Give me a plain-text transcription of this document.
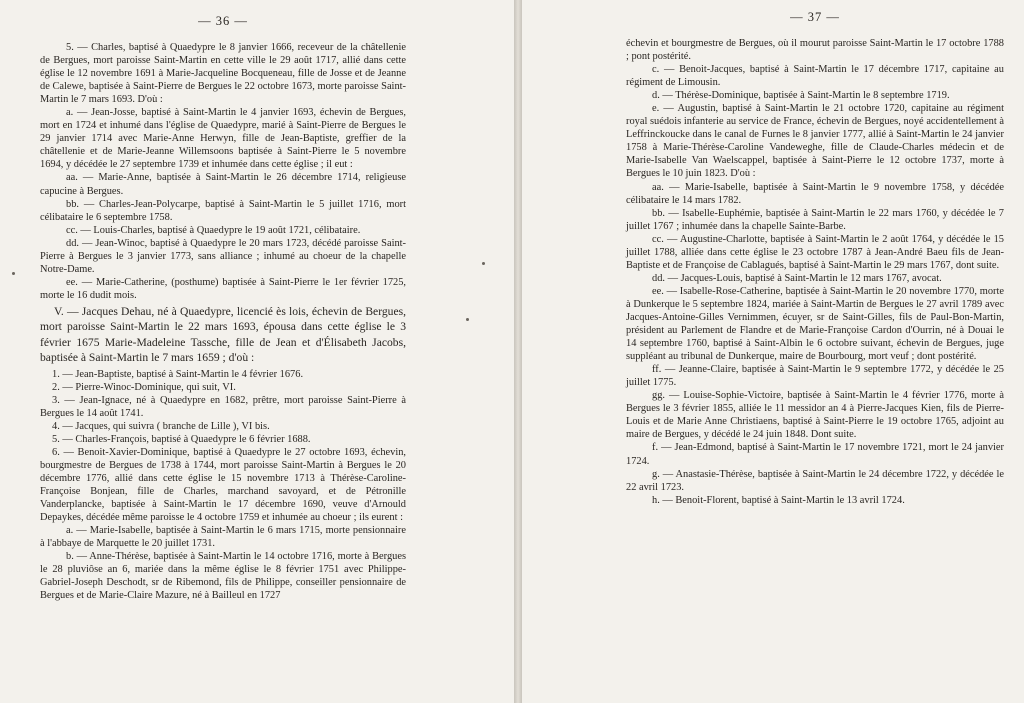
— 36 —

5. — Charles, baptisé à Quaedypre le 8 janvier 1666, receveur de la châtellenie de Bergues, mort paroisse Saint-Martin en cette ville le 29 août 1717, allié dans cette église le 12 novembre 1691 à Marie-Jacqueline Bocqueneau, fille de Josse et de Jeanne de Calewe, baptisée à Saint-Pierre de Bergues le 22 octobre 1673, morte paroisse Saint-Martin le 7 mars 1693. D'où :

a. — Jean-Josse, baptisé à Saint-Martin le 4 janvier 1693, échevin de Bergues, mort en 1724 et inhumé dans l'église de Quaedypre, marié à Saint-Pierre de Bergues le 29 janvier 1714 avec Marie-Anne Herwyn, fille de Jean-Baptiste, greffier de la châtellenie et de Marie-Jeanne Willemsoons baptisée à Saint-Pierre le 5 novembre 1694, y décédée le 27 septembre 1739 et inhumée dans cette église ; il eut :

aa. — Marie-Anne, baptisée à Saint-Martin le 26 décembre 1714, religieuse capucine à Bergues.

bb. — Charles-Jean-Polycarpe, baptisé à Saint-Martin le 5 juillet 1716, mort célibataire le 6 septembre 1758.

cc. — Louis-Charles, baptisé à Quaedypre le 19 août 1721, célibataire.

dd. — Jean-Winoc, baptisé à Quaedypre le 20 mars 1723, décédé paroisse Saint-Pierre à Bergues le 3 janvier 1773, sans alliance ; inhumé au choeur de la chapelle Notre-Dame.

ee. — Marie-Catherine, (posthume) baptisée à Saint-Pierre le 1er février 1725, morte le 16 dudit mois.

V. — Jacques Dehau, né à Quaedypre, licencié ès lois, échevin de Bergues, mort paroisse Saint-Martin le 22 mars 1693, épousa dans cette église le 3 février 1675 Marie-Madeleine Tassche, fille de Jean et d'Élisabeth Jacobs, baptisée à Saint-Martin le 7 mars 1659 ; d'où :

1. — Jean-Baptiste, baptisé à Saint-Martin le 4 février 1676.

2. — Pierre-Winoc-Dominique, qui suit, VI.

3. — Jean-Ignace, né à Quaedypre en 1682, prêtre, mort paroisse Saint-Pierre à Bergues le 14 août 1741.

4. — Jacques, qui suivra ( branche de Lille ), VI bis.

5. — Charles-François, baptisé à Quaedypre le 6 février 1688.

6. — Benoit-Xavier-Dominique, baptisé à Quaedypre le 27 octobre 1693, échevin, bourgmestre de Bergues de 1738 à 1744, mort paroisse Saint-Martin à Bergues le 20 décembre 1776, allié dans cette église le 15 novembre 1713 à Thérèse-Caroline-Françoise Bonjean, fille de Charles, marchand savoyard, et de Pétronille Vanderplancke, baptisée à Saint-Martin le 17 décembre 1690, veuve d'Arnould Depaykes, décédée même paroisse le 4 octobre 1759 et inhumée au choeur ; ils eurent :

a. — Marie-Isabelle, baptisée à Saint-Martin le 6 mars 1715, morte pensionnaire à l'abbaye de Marquette le 20 juillet 1731.

b. — Anne-Thérèse, baptisée à Saint-Martin le 14 octobre 1716, morte à Bergues le 28 pluviôse an 6, mariée dans la même église le 8 février 1751 avec Philippe-Gabriel-Joseph Deschodt, sr de Ribemond, fils de Philippe, conseiller pensionnaire de Bergues et de Marie-Claire Mazure, né à Bailleul en 1727

— 37 —

échevin et bourgmestre de Bergues, où il mourut paroisse Saint-Martin le 17 octobre 1788 ; pont postérité.

c. — Benoit-Jacques, baptisé à Saint-Martin le 17 décembre 1717, capitaine au régiment de Limousin.

d. — Thérèse-Dominique, baptisée à Saint-Martin le 8 septembre 1719.

e. — Augustin, baptisé à Saint-Martin le 21 octobre 1720, capitaine au régiment royal suédois infanterie au service de France, échevin de Bergues, noyé accidentellement à Leffrinckoucke dans le canal de Furnes le 8 janvier 1777, allié à Saint-Martin le 24 janvier 1758 à Marie-Thérèse-Caroline Vandeweghe, fille de Claude-Charles médecin et de Marie-Isabelle Van Waelscappel, baptisée à Saint-Pierre le 12 octobre 1737, morte à Bergues le 10 juin 1823. D'où :

aa. — Marie-Isabelle, baptisée à Saint-Martin le 9 novembre 1758, y décédée célibataire le 14 mars 1782.

bb. — Isabelle-Euphémie, baptisée à Saint-Martin le 22 mars 1760, y décédée le 7 juillet 1767 ; inhumée dans la chapelle Sainte-Barbe.

cc. — Augustine-Charlotte, baptisée à Saint-Martin le 2 août 1764, y décédée le 15 juillet 1788, alliée dans cette église le 23 octobre 1787 à Jean-André Baeu fils de Jean-Baptiste et de Françoise de Cablagués, baptisé à Saint-Martin le 29 mars 1767, dont suite.

dd. — Jacques-Louis, baptisé à Saint-Martin le 12 mars 1767, avocat.

ee. — Isabelle-Rose-Catherine, baptisée à Saint-Martin le 20 novembre 1770, morte à Dunkerque le 5 septembre 1824, mariée à Saint-Martin de Bergues le 27 avril 1789 avec Jacques-Antoine-Gilles Vernimmen, écuyer, sr de Saint-Gilles, fils de Paul-Bon-Martin, président au Parlement de Flandre et de Marie-Françoise Cardon d'Ourrin, né à Douai le 14 septembre 1760, baptisé à Saint-Albin le 6 octobre suivant, échevin de Bergues, juge suppléant au tribunal de Dunkerque, maire de Bourbourg, mort veuf ; dont postérité.

ff. — Jeanne-Claire, baptisée à Saint-Martin le 9 septembre 1772, y décédée le 25 juillet 1775.

gg. — Louise-Sophie-Victoire, baptisée à Saint-Martin le 4 février 1776, morte à Bergues le 3 février 1855, alliée le 11 messidor an 4 à Pierre-Jacques Kien, fils de Pierre-Louis et de Marie Anne Christiaens, baptisé à Saint-Pierre le 19 octobre 1765, adjoint au maire de Bergues, y décédé le 24 juin 1848. Dont suite.

f. — Jean-Edmond, baptisé à Saint-Martin le 17 novembre 1721, mort le 24 janvier 1724.

g. — Anastasie-Thérèse, baptisée à Saint-Martin le 24 décembre 1722, y décédée le 22 avril 1723.

h. — Benoit-Florent, baptisé à Saint-Martin le 13 avril 1724.
